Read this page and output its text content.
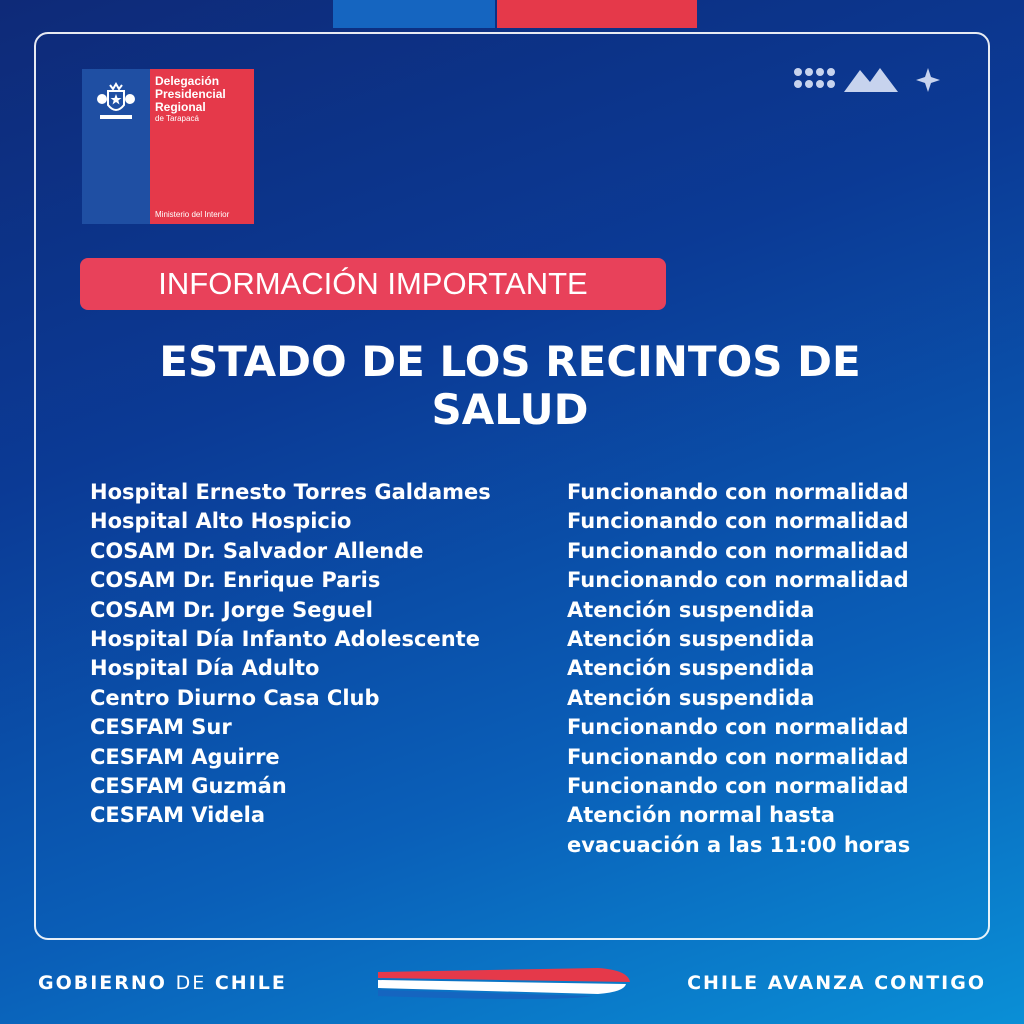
Delegación
Presidencial
Regional
de Tarapacá
Ministerio del Interior
INFORMACIÓN IMPORTANTE
ESTADO DE LOS RECINTOS DE
SALUD
Hospital Ernesto Torres Galdames	Funcionando con normalidad
Hospital Alto Hospicio	Funcionando con normalidad
COSAM Dr. Salvador Allende	Funcionando con normalidad
COSAM Dr. Enrique Paris	Funcionando con normalidad
COSAM Dr. Jorge Seguel	Atención suspendida
Hospital Día Infanto Adolescente	Atención suspendida
Hospital Día Adulto	Atención suspendida
Centro Diurno Casa Club	Atención suspendida
CESFAM Sur	Funcionando con normalidad
CESFAM Aguirre	Funcionando con normalidad
CESFAM Guzmán	Funcionando con normalidad
CESFAM Videla	Atención normal hasta
evacuación a las 11:00 horas
GOBIERNO DE CHILE	CHILE AVANZA CONTIGO
